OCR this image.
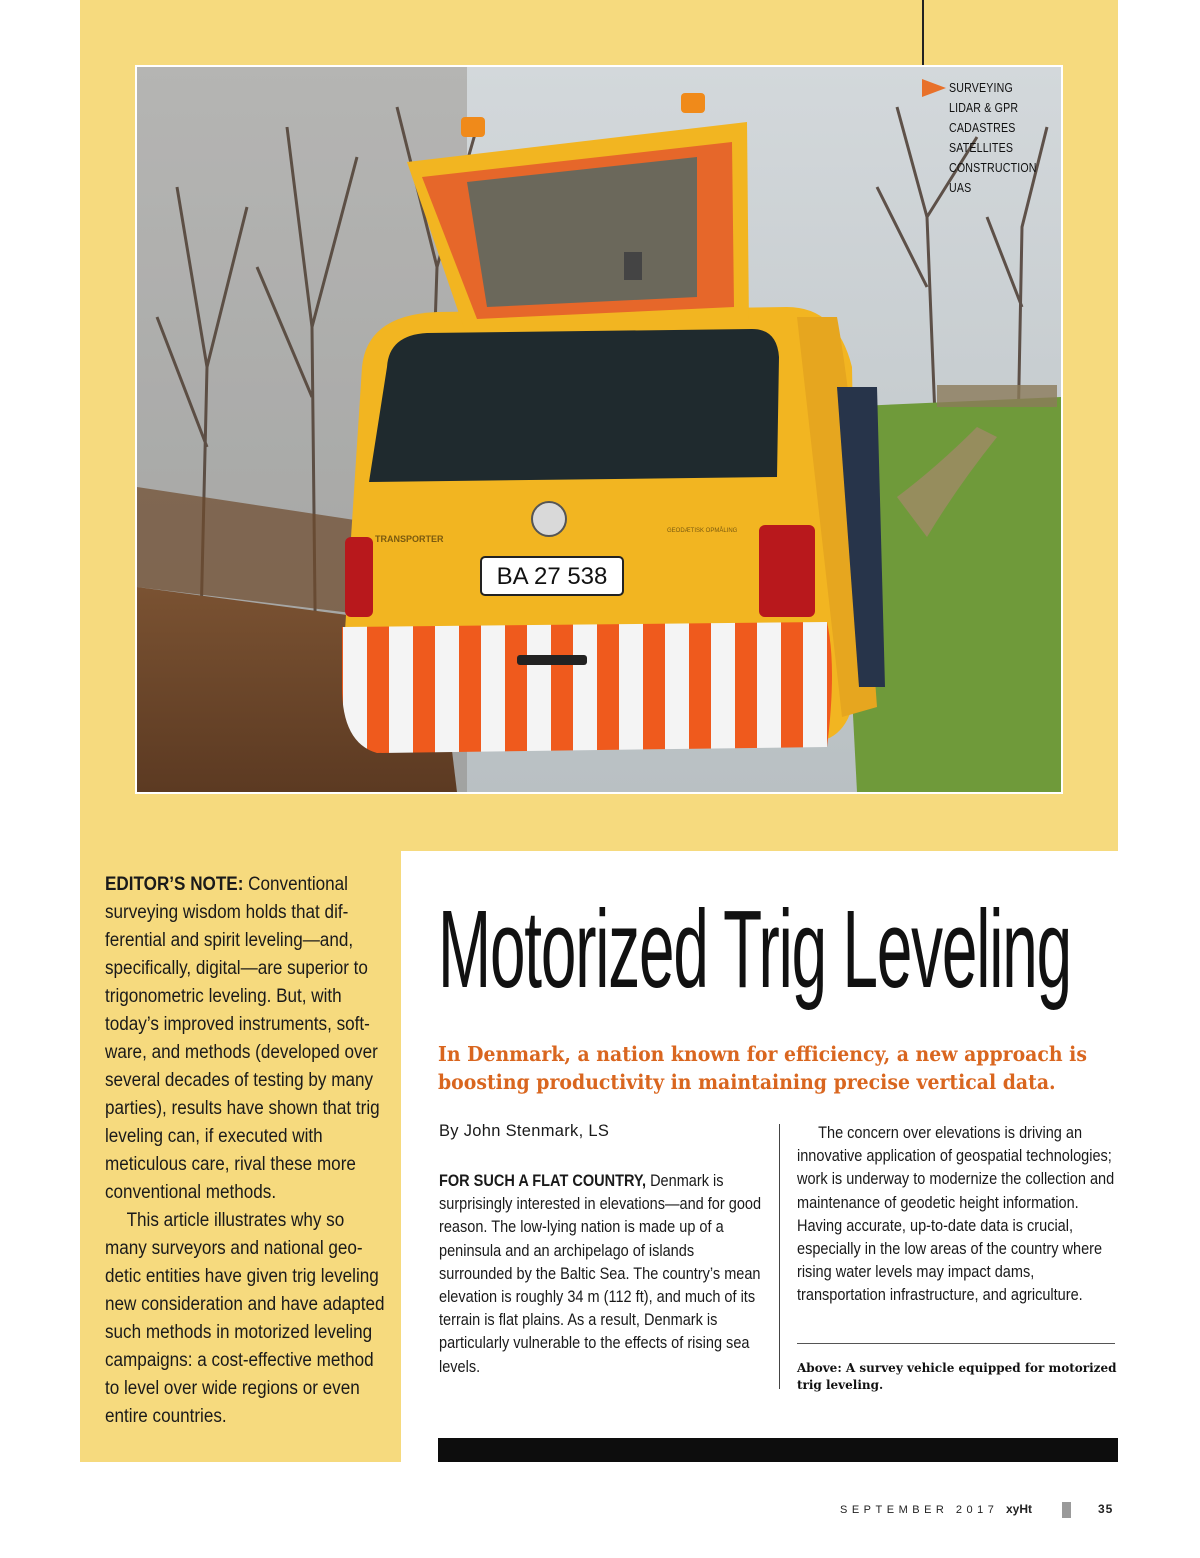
BA 27 538
TRANSPORTER
GEODÆTISK OPMÅLING
SURVEYING
LIDAR & GPR
CADASTRES
SATELLITES
CONSTRUCTION
UAS

EDITOR’S NOTE: Conventional surveying wisdom holds that differential and spirit leveling—and, specifically, digital—are superior to trigonometric leveling. But, with today’s improved instruments, software, and methods (developed over several decades of testing by many parties), results have shown that trig leveling can, if executed with meticulous care, rival these more conventional methods.

This article illustrates why so many surveyors and national geodetic entities have given trig leveling new consideration and have adapted such methods in motorized leveling campaigns: a cost-effective method to level over wide regions or even entire countries.

Motorized Trig Leveling

In Denmark, a nation known for efficiency, a new approach is boosting productivity in maintaining precise vertical data.

By John Stenmark, LS

FOR SUCH A FLAT COUNTRY, Denmark is surprisingly interested in elevations—and for good reason. The low-lying nation is made up of a peninsula and an archipelago of islands surrounded by the Baltic Sea. The country’s mean elevation is roughly 34 m (112 ft), and much of its terrain is flat plains. As a result, Denmark is particularly vulnerable to the effects of rising sea levels.

The concern over elevations is driving an innovative application of geospatial technologies; work is underway to modernize the collection and maintenance of geodetic height information. Having accurate, up-to-date data is crucial, especially in the low areas of the country where rising water levels may impact dams, transportation infrastructure, and agriculture.

Above: A survey vehicle equipped for motorized trig leveling.
SEPTEMBER 2017 xyHt	35
